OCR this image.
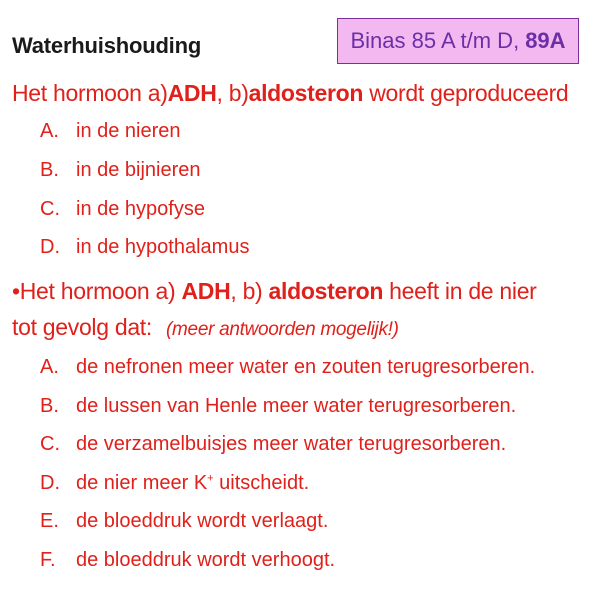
Waterhuishouding	Binas 85 A t/m D, 89A
Het hormoon a)ADH, b)aldosteron wordt geproduceerd
A. in de nieren
B. in de bijnieren
C. in de hypofyse
D. in de hypothalamus
•Het hormoon a) ADH, b) aldosteron heeft in de nier
tot gevolg dat: (meer antwoorden mogelijk!)
A. de nefronen meer water en zouten terugresorberen.
B. de lussen van Henle meer water terugresorberen.
C. de verzamelbuisjes meer water terugresorberen.
D. de nier meer K+ uitscheidt.
E. de bloeddruk wordt verlaagt.
F. de bloeddruk wordt verhoogt.
